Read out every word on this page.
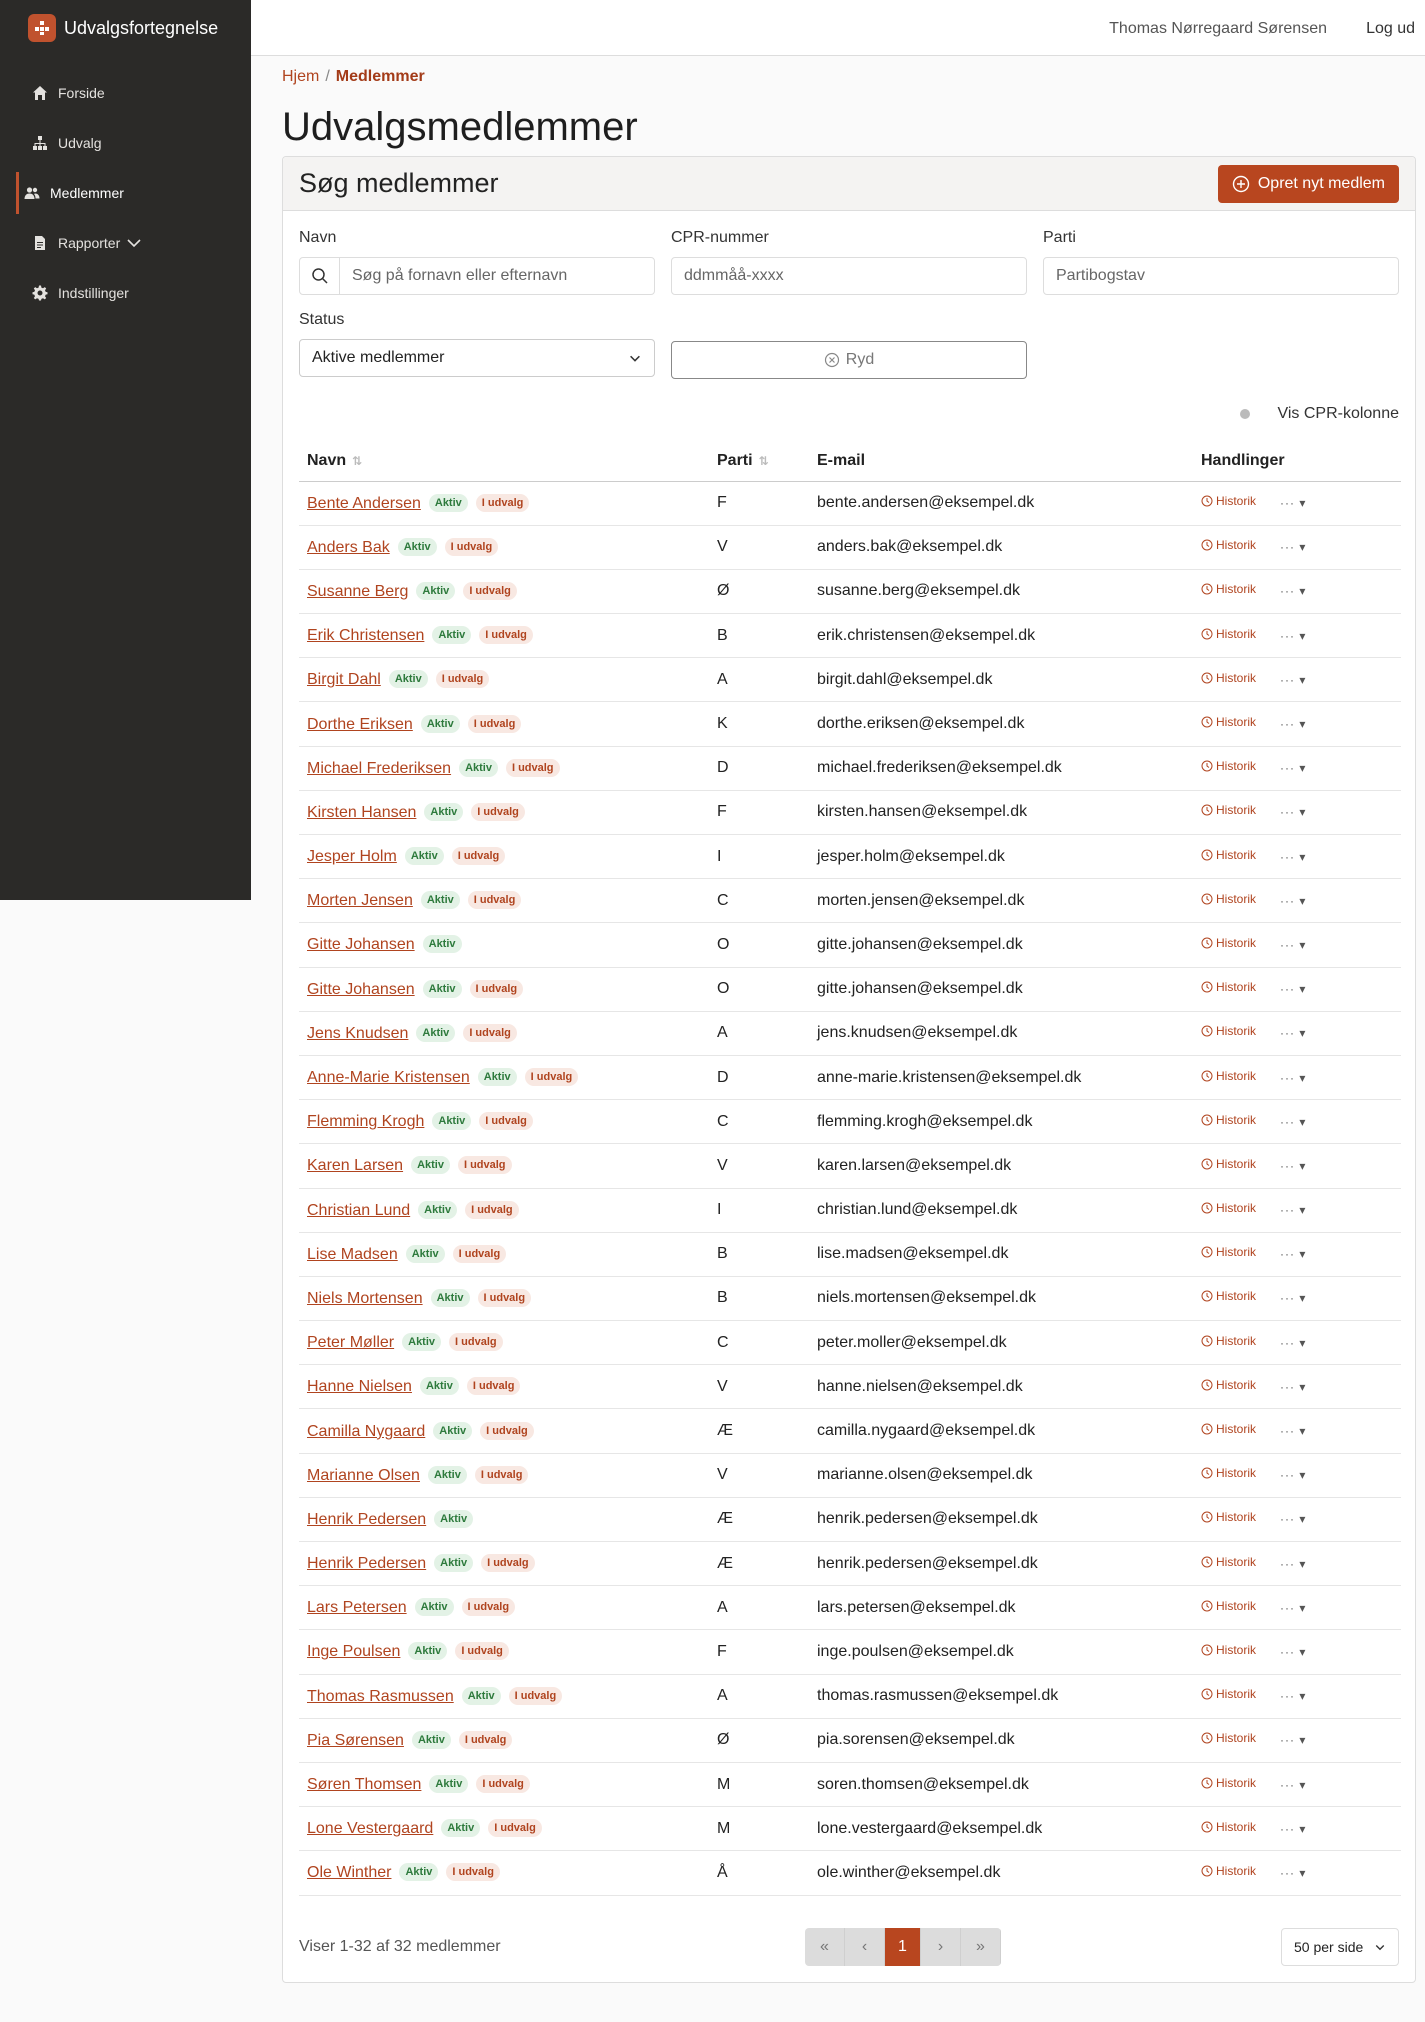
Udvalgsfortegnelse
Forside
Udvalg
Medlemmer
Rapporter
Indstillinger
Thomas Nørregaard Sørensen Log ud
Hjem / Medlemmer
Udvalgsmedlemmer
Søg medlemmer	Opret nyt medlem
Navn
Søg på fornavn eller efternavn
CPR-nummer
ddmmåå-xxxx
Parti
Partibogstav
Status
Aktive medlemmer	Ryd
Vis CPR-kolonne
Navn ⇅	Parti ⇅	E-mail	Handlinger
Bente Andersen Aktiv I udvalg	F	bente.andersen@eksempel.dk	Historik ··· ▾
Anders Bak Aktiv I udvalg	V	anders.bak@eksempel.dk	Historik ··· ▾
Susanne Berg Aktiv I udvalg	Ø	susanne.berg@eksempel.dk	Historik ··· ▾
Erik Christensen Aktiv I udvalg	B	erik.christensen@eksempel.dk	Historik ··· ▾
Birgit Dahl Aktiv I udvalg	A	birgit.dahl@eksempel.dk	Historik ··· ▾
Dorthe Eriksen Aktiv I udvalg	K	dorthe.eriksen@eksempel.dk	Historik ··· ▾
Michael Frederiksen Aktiv I udvalg	D	michael.frederiksen@eksempel.dk	Historik ··· ▾
Kirsten Hansen Aktiv I udvalg	F	kirsten.hansen@eksempel.dk	Historik ··· ▾
Jesper Holm Aktiv I udvalg	I	jesper.holm@eksempel.dk	Historik ··· ▾
Morten Jensen Aktiv I udvalg	C	morten.jensen@eksempel.dk	Historik ··· ▾
Gitte Johansen Aktiv	O	gitte.johansen@eksempel.dk	Historik ··· ▾
Gitte Johansen Aktiv I udvalg	O	gitte.johansen@eksempel.dk	Historik ··· ▾
Jens Knudsen Aktiv I udvalg	A	jens.knudsen@eksempel.dk	Historik ··· ▾
Anne-Marie Kristensen Aktiv I udvalg	D	anne-marie.kristensen@eksempel.dk	Historik ··· ▾
Flemming Krogh Aktiv I udvalg	C	flemming.krogh@eksempel.dk	Historik ··· ▾
Karen Larsen Aktiv I udvalg	V	karen.larsen@eksempel.dk	Historik ··· ▾
Christian Lund Aktiv I udvalg	I	christian.lund@eksempel.dk	Historik ··· ▾
Lise Madsen Aktiv I udvalg	B	lise.madsen@eksempel.dk	Historik ··· ▾
Niels Mortensen Aktiv I udvalg	B	niels.mortensen@eksempel.dk	Historik ··· ▾
Peter Møller Aktiv I udvalg	C	peter.moller@eksempel.dk	Historik ··· ▾
Hanne Nielsen Aktiv I udvalg	V	hanne.nielsen@eksempel.dk	Historik ··· ▾
Camilla Nygaard Aktiv I udvalg	Æ	camilla.nygaard@eksempel.dk	Historik ··· ▾
Marianne Olsen Aktiv I udvalg	V	marianne.olsen@eksempel.dk	Historik ··· ▾
Henrik Pedersen Aktiv	Æ	henrik.pedersen@eksempel.dk	Historik ··· ▾
Henrik Pedersen Aktiv I udvalg	Æ	henrik.pedersen@eksempel.dk	Historik ··· ▾
Lars Petersen Aktiv I udvalg	A	lars.petersen@eksempel.dk	Historik ··· ▾
Inge Poulsen Aktiv I udvalg	F	inge.poulsen@eksempel.dk	Historik ··· ▾
Thomas Rasmussen Aktiv I udvalg	A	thomas.rasmussen@eksempel.dk	Historik ··· ▾
Pia Sørensen Aktiv I udvalg	Ø	pia.sorensen@eksempel.dk	Historik ··· ▾
Søren Thomsen Aktiv I udvalg	M	soren.thomsen@eksempel.dk	Historik ··· ▾
Lone Vestergaard Aktiv I udvalg	M	lone.vestergaard@eksempel.dk	Historik ··· ▾
Ole Winther Aktiv I udvalg	Å	ole.winther@eksempel.dk	Historik ··· ▾
Viser 1-32 af 32 medlemmer	«	‹	1	›	»	50 per side
